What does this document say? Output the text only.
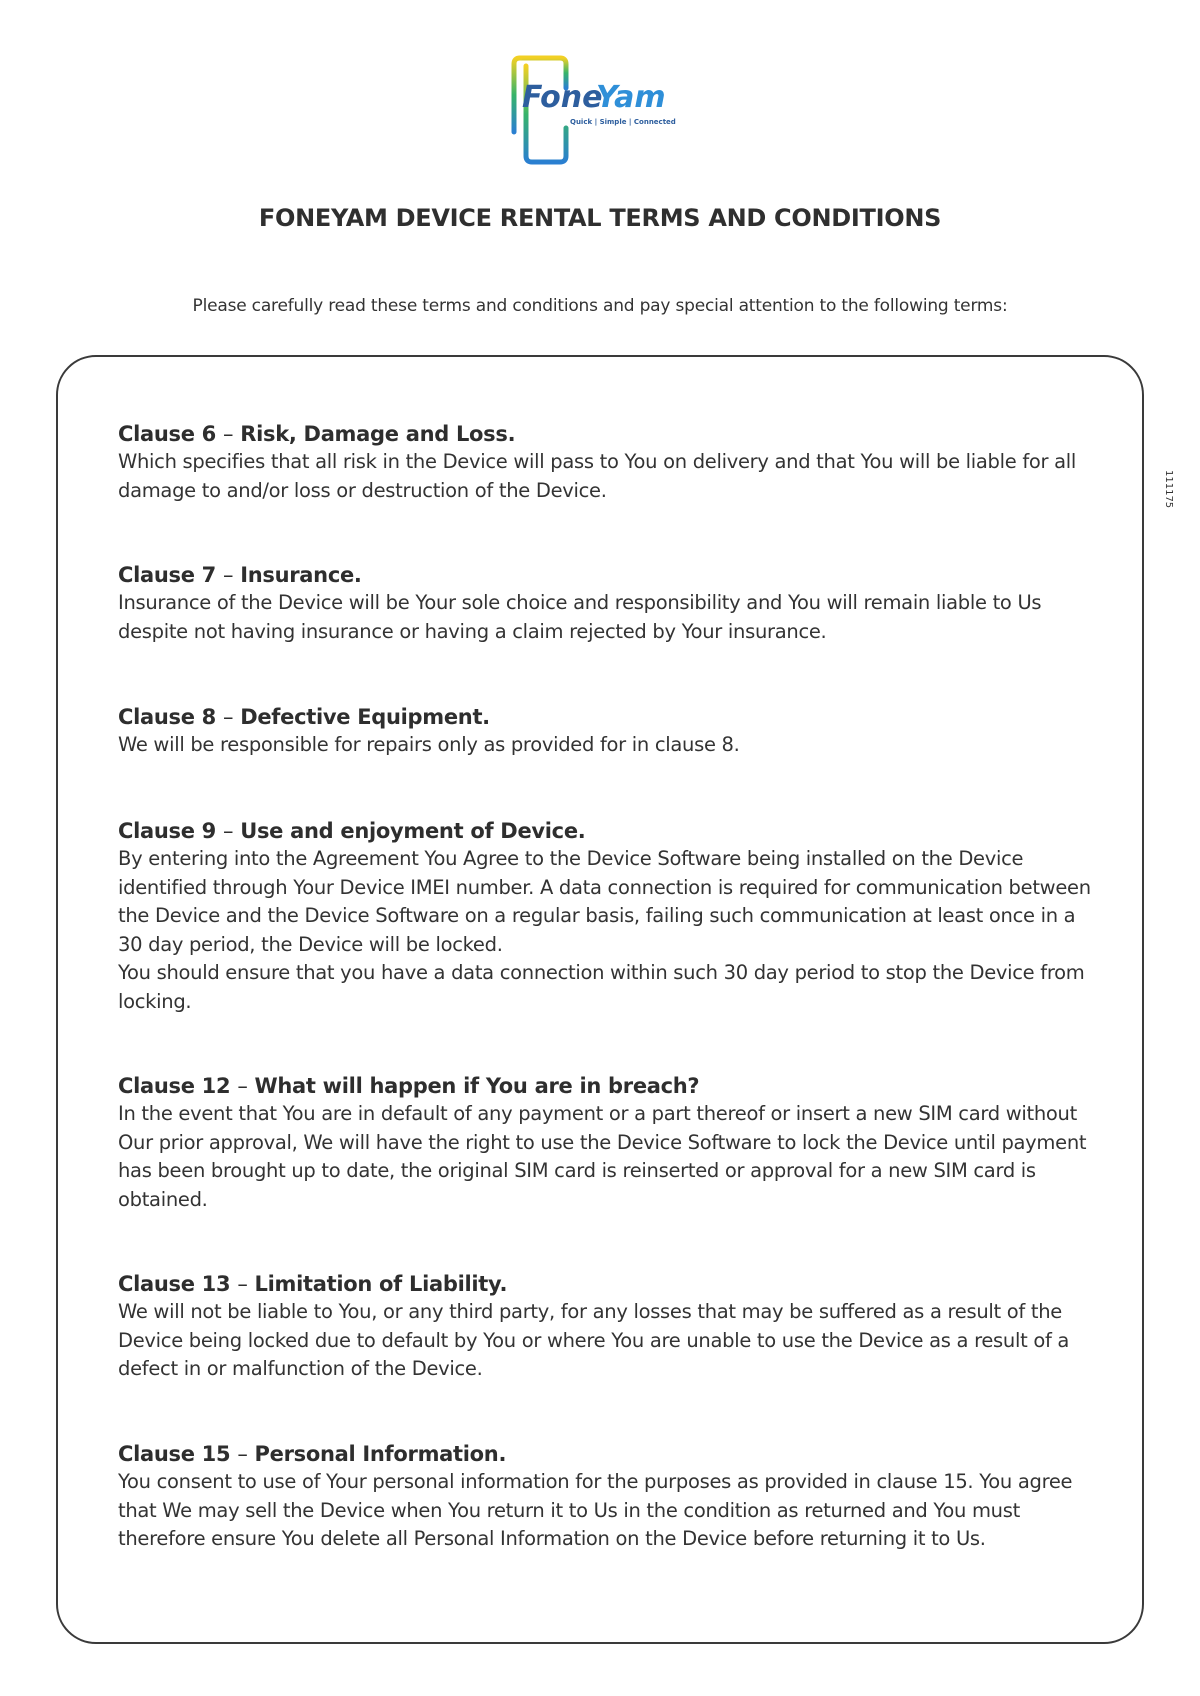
Fone
Yam
Quick | Simple | Connected
FONEYAM DEVICE RENTAL TERMS AND CONDITIONS
Please carefully read these terms and conditions and pay special attention to the following terms:
111175
Clause 6 – Risk, Damage and Loss.

Which specifies that all risk in the Device will pass to You on delivery and that You will be liable for all damage to and/or loss or destruction of the Device.

Clause 7 – Insurance.

Insurance of the Device will be Your sole choice and responsibility and You will remain liable to Us despite not having insurance or having a claim rejected by Your insurance.

Clause 8 – Defective Equipment.

We will be responsible for repairs only as provided for in clause 8.

Clause 9 – Use and enjoyment of Device.

By entering into the Agreement You Agree to the Device Software being installed on the Device identified through Your Device IMEI number. A data connection is required for communication between the Device and the Device Software on a regular basis, failing such communication at least once in a 30 day period, the Device will be locked.

You should ensure that you have a data connection within such 30 day period to stop the Device from locking.

Clause 12 – What will happen if You are in breach?

In the event that You are in default of any payment or a part thereof or insert a new SIM card without Our prior approval, We will have the right to use the Device Software to lock the Device until payment has been brought up to date, the original SIM card is reinserted or approval for a new SIM card is obtained.

Clause 13 – Limitation of Liability.

We will not be liable to You, or any third party, for any losses that may be suffered as a result of the Device being locked due to default by You or where You are unable to use the Device as a result of a defect in or malfunction of the Device.

Clause 15 – Personal Information.

You consent to use of Your personal information for the purposes as provided in clause 15. You agree that We may sell the Device when You return it to Us in the condition as returned and You must therefore ensure You delete all Personal Information on the Device before returning it to Us.
